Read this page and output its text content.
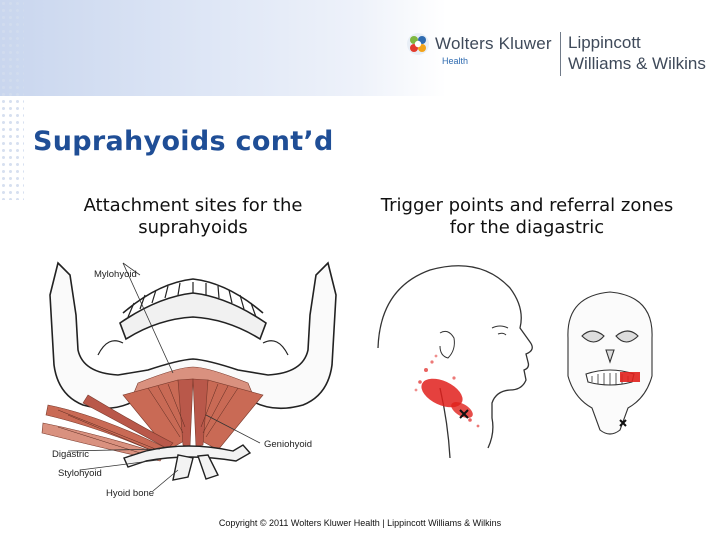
Wolters Kluwer
Health
Lippincott
Williams & Wilkins
Suprahyoids cont’d
Attachment sites for the suprahyoids
Trigger points and referral zones for the diagastric
Mylohyoid
Digastric
Stylohyoid
Hyoid bone
Geniohyoid
Copyright © 2011 Wolters Kluwer Health | Lippincott Williams & Wilkins
